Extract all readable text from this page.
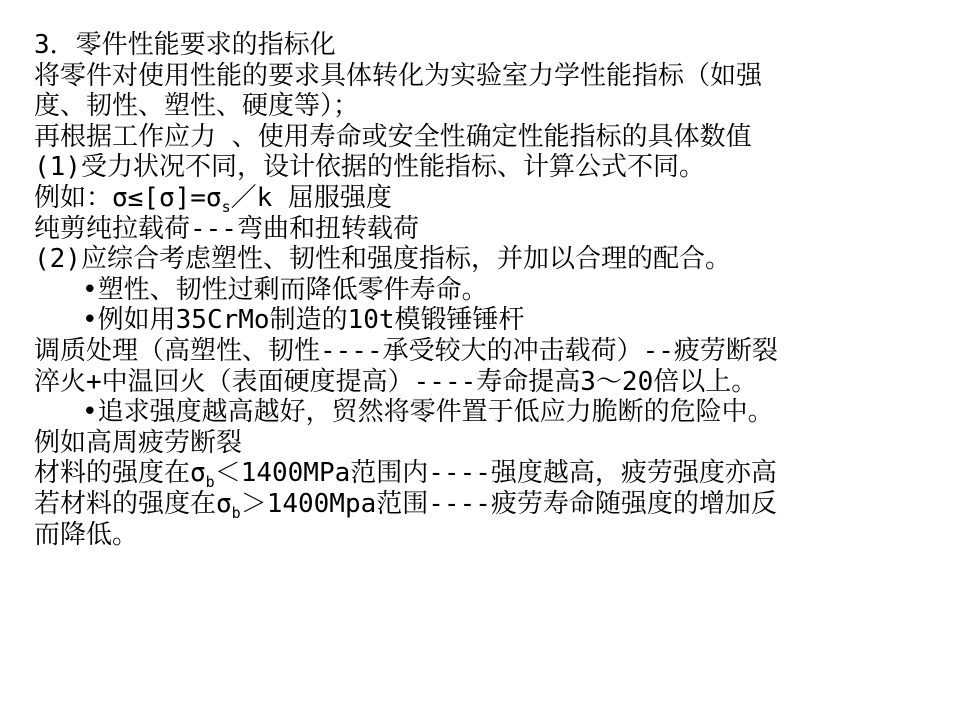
3．零件性能要求的指标化
将零件对使用性能的要求具体转化为实验室力学性能指标（如强
度、韧性、塑性、硬度等）；
再根据工作应力 、使用寿命或安全性确定性能指标的具体数值
(1)受力状况不同，设计依据的性能指标、计算公式不同。
例如：$\sigma\le[\sigma]=\sigma_s/k$ 屈服强度
纯剪纯拉载荷---弯曲和扭转载荷
(2)应综合考虑塑性、韧性和强度指标，并加以合理的配合。
•塑性、韧性过剩而降低零件寿命。
•例如用35CrMo制造的10t模锻锤锤杆
调质处理（高塑性、韧性----承受较大的冲击载荷）--疲劳断裂
淬火+中温回火（表面硬度提高）----寿命提高3～20倍以上。
•追求强度越高越好，贸然将零件置于低应力脆断的危险中。
例如高周疲劳断裂
材料的强度在$\sigma_b<1400MPa$范围内----强度越高，疲劳强度亦高
若材料的强度在$\sigma_b>1400Mpa$范围----疲劳寿命随强度的增加反
而降低。
